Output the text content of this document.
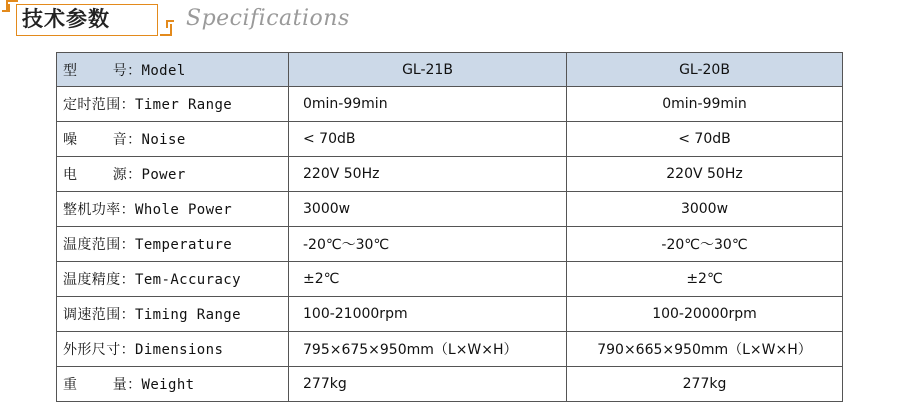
技术参数	Specifications
型    号：Model	GL-21B	GL-20B
定时范围：Timer Range	0min-99min	0min-99min
噪    音：Noise	< 70dB	< 70dB
电    源：Power	220V 50Hz	220V 50Hz
整机功率：Whole Power	3000w	3000w
温度范围：Temperature	-20℃～30℃	-20℃～30℃
温度精度：Tem-Accuracy	±2℃	±2℃
调速范围：Timing Range	100-21000rpm	100-20000rpm
外形尺寸：Dimensions	795×675×950mm（L×W×H）	790×665×950mm（L×W×H）
重    量：Weight	277kg	277kg
